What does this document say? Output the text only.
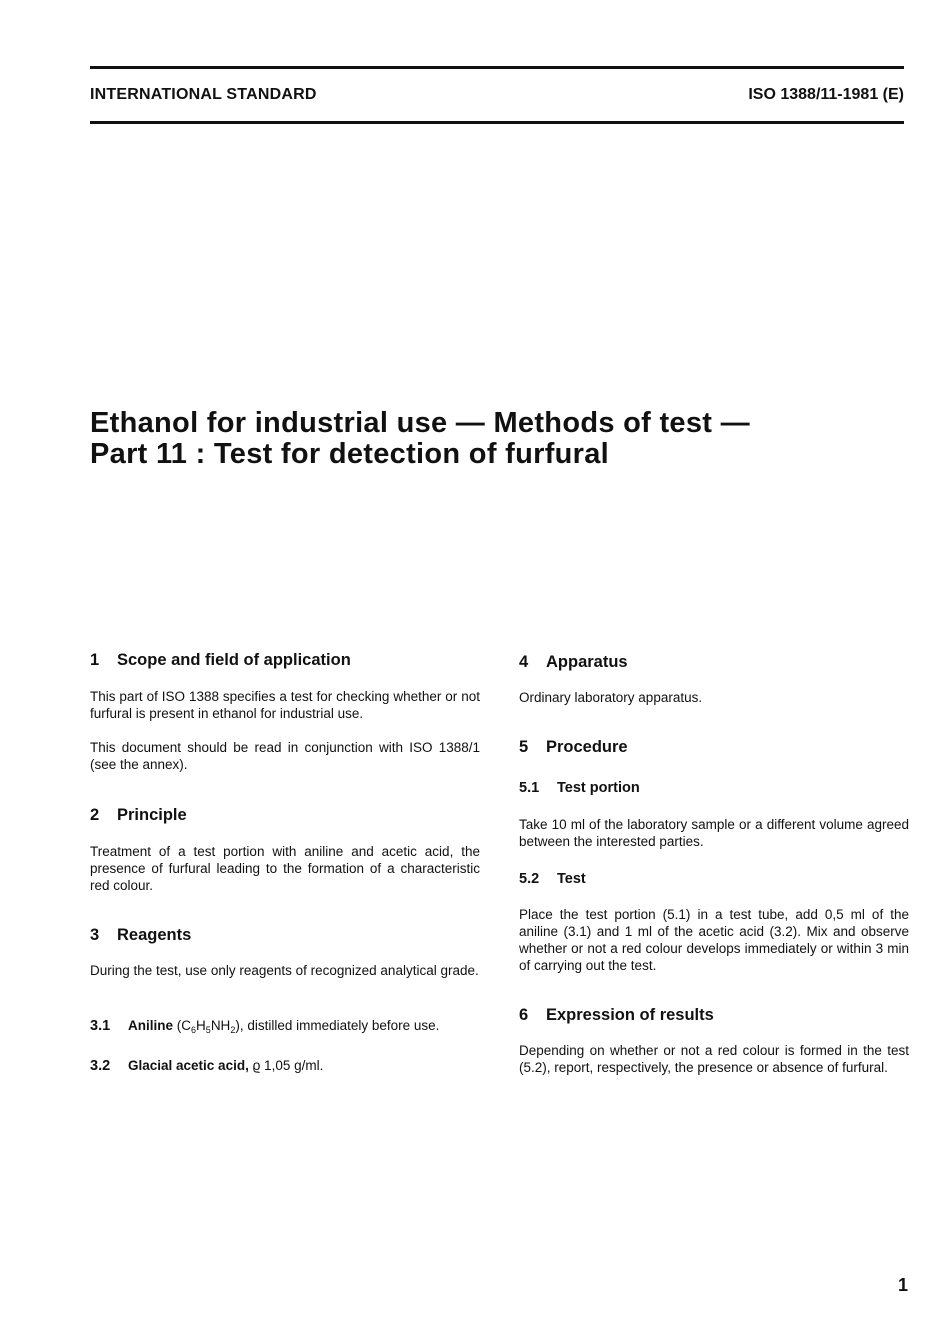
INTERNATIONAL STANDARD	ISO 1388/11-1981 (E)
Ethanol for industrial use — Methods of test —
Part 11 : Test for detection of furfural
1 Scope and field of application
This part of ISO 1388 specifies a test for checking whether or not furfural is present in ethanol for industrial use.
This document should be read in conjunction with ISO 1388/1 (see the annex).
2 Principle
Treatment of a test portion with aniline and acetic acid, the presence of furfural leading to the formation of a characteristic red colour.
3 Reagents
During the test, use only reagents of recognized analytical grade.
3.1 Aniline $(C_6H_5NH_2)$, distilled immediately before use.
3.2 Glacial acetic acid, ϱ 1,05 g/ml.
4 Apparatus
Ordinary laboratory apparatus.
5 Procedure
5.1 Test portion
Take 10 ml of the laboratory sample or a different volume agreed between the interested parties.
5.2 Test
Place the test portion (5.1) in a test tube, add 0,5 ml of the aniline (3.1) and 1 ml of the acetic acid (3.2). Mix and observe whether or not a red colour develops immediately or within 3 min of carrying out the test.
6 Expression of results
Depending on whether or not a red colour is formed in the test (5.2), report, respectively, the presence or absence of furfural.
1
